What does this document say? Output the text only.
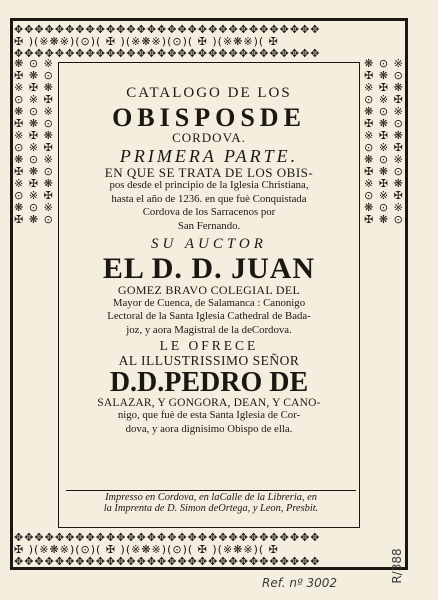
✥✥✥✥✥✥✥✥✥✥✥✥✥✥✥✥✥✥✥✥✥✥✥✥✥✥✥✥✥✥
✠ )(※❋※)(⊙)( ✠ )(※❋※)(⊙)( ✠ )(※❋※)( ✠
✥✥✥✥✥✥✥✥✥✥✥✥✥✥✥✥✥✥✥✥✥✥✥✥✥✥✥✥✥✥
✥✥✥✥✥✥✥✥✥✥✥✥✥✥✥✥✥✥✥✥✥✥✥✥✥✥✥✥✥✥
✠ )(※❋※)(⊙)( ✠ )(※❋※)(⊙)( ✠ )(※❋※)( ✠
✥✥✥✥✥✥✥✥✥✥✥✥✥✥✥✥✥✥✥✥✥✥✥✥✥✥✥✥✥✥
❋ ⊙ ※ ✠ ❋ ⊙ ※ ✠ ❋ ⊙ ※ ✠ ❋ ⊙ ※ ✠ ❋ ⊙ ※ ✠ ❋ ⊙ ※ ✠ ❋ ⊙ ※ ✠ ❋ ⊙ ※ ✠ ❋ ⊙ ※ ✠ ❋ ⊙ ※ ✠ ❋ ⊙
❋ ⊙ ※ ✠ ❋ ⊙ ※ ✠ ❋ ⊙ ※ ✠ ❋ ⊙ ※ ✠ ❋ ⊙ ※ ✠ ❋ ⊙ ※ ✠ ❋ ⊙ ※ ✠ ❋ ⊙ ※ ✠ ❋ ⊙ ※ ✠ ❋ ⊙ ※ ✠ ❋ ⊙
CATALOGO DE LOS
OBISPOSDE
CORDOVA.
PRIMERA PARTE.
EN QUE SE TRATA DE LOS OBIS-
pos desde el principio de la Iglesia Christiana,
hasta el año de 1236. en que fuè Conquistada
Cordova de los Sarracenos por
San Fernando.
SU AUCTOR
EL D. D. JUAN
GOMEZ BRAVO COLEGIAL DEL
Mayor de Cuenca, de Salamanca : Canonigo
Lectoral de la Santa Iglesia Cathedral de Bada-
joz, y aora Magistral de la deCordova.
LE OFRECE
AL ILLUSTRISSIMO SEÑOR
D.D.PEDRO DE
SALAZAR, Y GONGORA, DEAN, Y CANO-
nigo, que fuè de esta Santa Iglesia de Cor-
dova, y aora dignisimo Obispo de ella.
Impresso en Cordova, en laCalle de la Libreria, en
la Imprenta de D. Simon deOrtega, y Leon, Presbit.
Ref. nº 3002	R/388
